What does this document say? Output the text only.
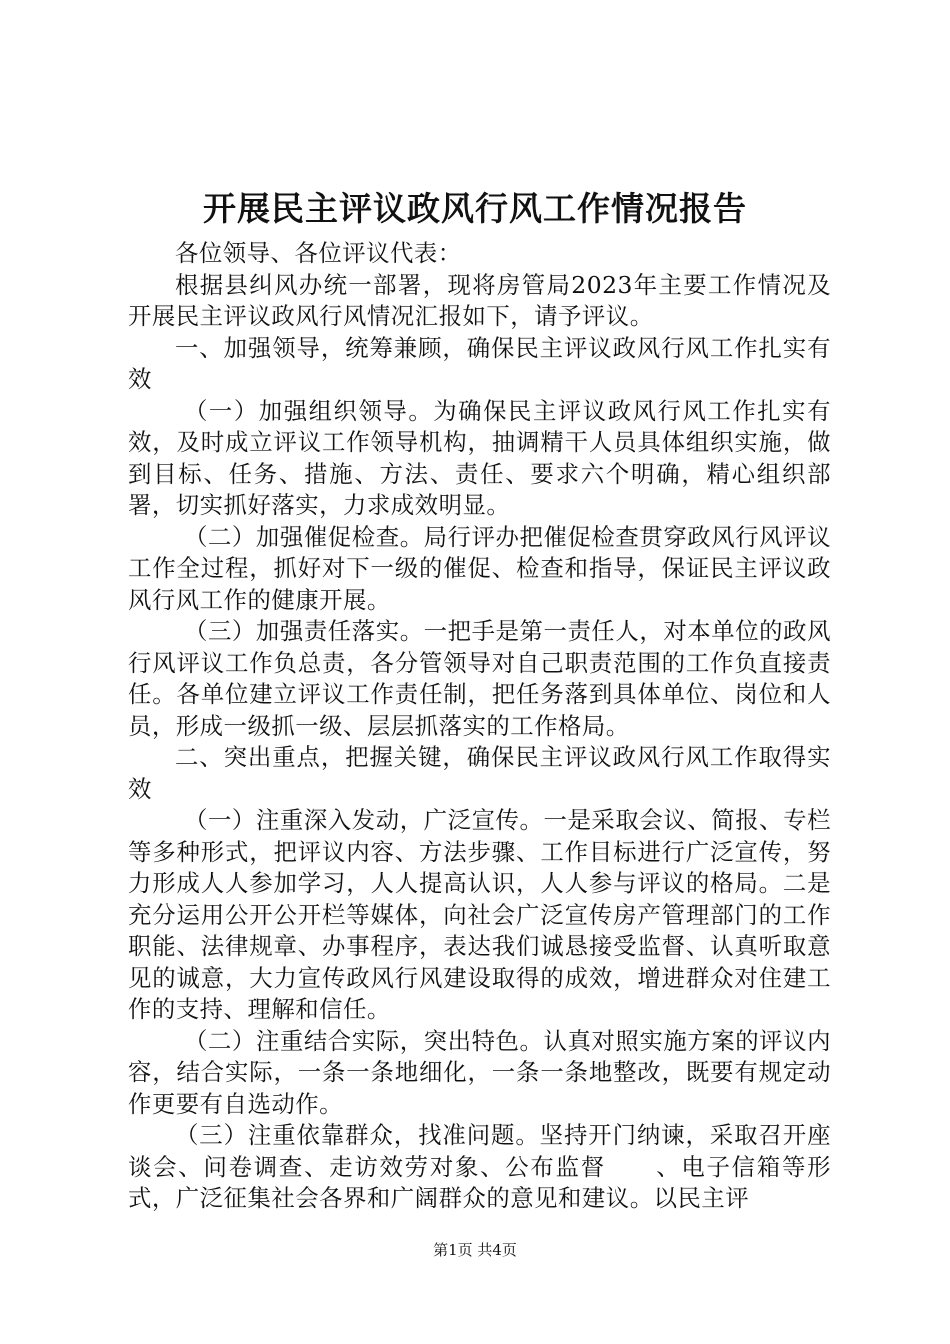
开展民主评议政风行风工作情况报告

各位领导、各位评议代表：

根据县纠风办统一部署，现将房管局2023年主要工作情况及开展民主评议政风行风情况汇报如下，请予评议。

一、加强领导，统筹兼顾，确保民主评议政风行风工作扎实有效

（一）加强组织领导。为确保民主评议政风行风工作扎实有效，及时成立评议工作领导机构，抽调精干人员具体组织实施，做到目标、任务、措施、方法、责任、要求六个明确，精心组织部署，切实抓好落实，力求成效明显。

（二）加强催促检查。局行评办把催促检查贯穿政风行风评议工作全过程，抓好对下一级的催促、检查和指导，保证民主评议政风行风工作的健康开展。

（三）加强责任落实。一把手是第一责任人，对本单位的政风行风评议工作负总责，各分管领导对自己职责范围的工作负直接责任。各单位建立评议工作责任制，把任务落到具体单位、岗位和人员，形成一级抓一级、层层抓落实的工作格局。

二、突出重点，把握关键，确保民主评议政风行风工作取得实效

（一）注重深入发动，广泛宣传。一是采取会议、简报、专栏等多种形式，把评议内容、方法步骤、工作目标进行广泛宣传，努力形成人人参加学习，人人提高认识，人人参与评议的格局。二是充分运用公开公开栏等媒体，向社会广泛宣传房产管理部门的工作职能、法律规章、办事程序，表达我们诚恳接受监督、认真听取意见的诚意，大力宣传政风行风建设取得的成效，增进群众对住建工作的支持、理解和信任。

（二）注重结合实际，突出特色。认真对照实施方案的评议内容，结合实际，一条一条地细化，一条一条地整改，既要有规定动作更要有自选动作。

（三）注重依靠群众，找准问题。坚持开门纳谏，采取召开座谈会、问卷调查、走访效劳对象、公布监督　　、电子信箱等形式，广泛征集社会各界和广阔群众的意见和建议。以民主评

第1页 共4页
